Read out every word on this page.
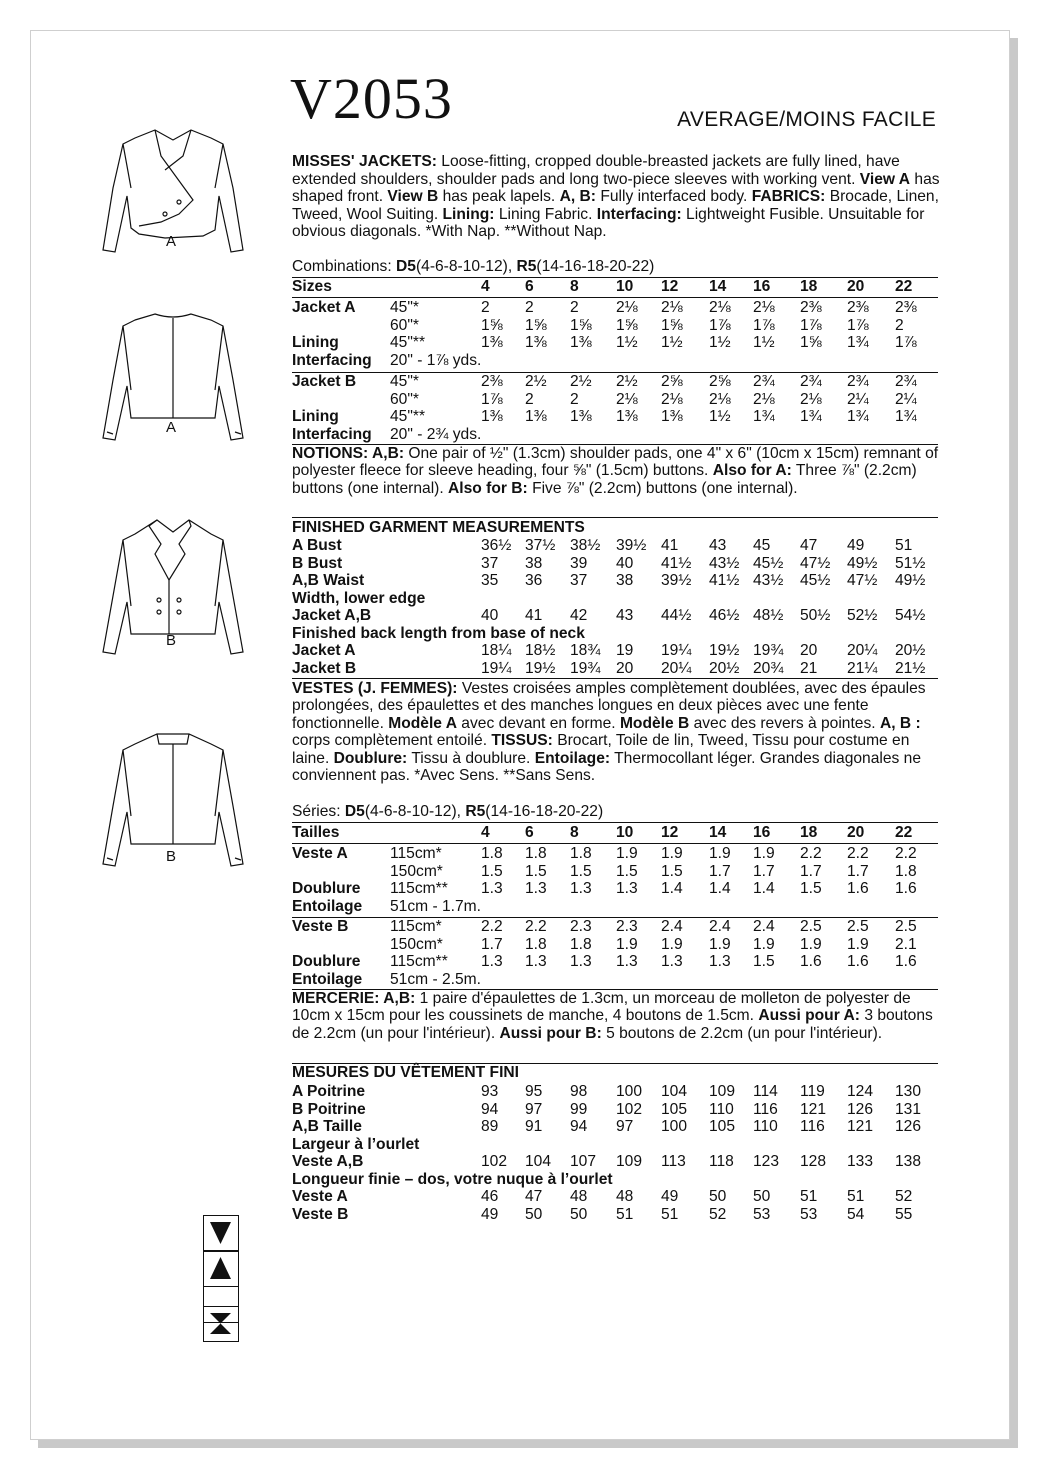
V2053	AVERAGE/MOINS FACILE
A
A
B
B
MISSES' JACKETS: Loose-fitting, cropped double-breasted jackets are fully lined, have extended shoulders, shoulder pads and long two-piece sleeves with working vent. View A has shaped front. View B has peak lapels. A, B: Fully interfaced body. FABRICS: Brocade, Linen, Tweed, Wool Suiting. Lining: Lining Fabric. Interfacing: Lightweight Fusible. Unsuitable for obvious diagonals. *With Nap. **Without Nap.
Combinations: D5(4-6-8-10-12), R5(14-16-18-20-22)
Sizes	4 6 8 10 12 14 16 18 20 22
Jacket A 45"*	2 2 2 2⅛ 2⅛ 2⅛ 2⅛ 2⅜ 2⅜ 2⅜
60"*	1⅝ 1⅝ 1⅝ 1⅝ 1⅝ 1⅞ 1⅞ 1⅞ 1⅞ 2
Lining	45"**	1⅜ 1⅜ 1⅜ 1½ 1½ 1½ 1½ 1⅝ 1¾ 1⅞
Interfacing 20" - 1⅞ yds.
Jacket B 45"*	2⅜ 2½ 2½ 2½ 2⅝ 2⅝ 2¾ 2¾ 2¾ 2¾
60"*	1⅞ 2 2 2⅛ 2⅛ 2⅛ 2⅛ 2⅛ 2¼ 2¼
Lining	45"**	1⅜ 1⅜ 1⅜ 1⅜ 1⅜ 1½ 1¾ 1¾ 1¾ 1¾
Interfacing 20" - 2¾ yds.
NOTIONS: A,B: One pair of ½" (1.3cm) shoulder pads, one 4" x 6" (10cm x 15cm) remnant of polyester fleece for sleeve heading, four ⅝" (1.5cm) buttons. Also for A: Three ⅞" (2.2cm) buttons (one internal). Also for B: Five ⅞" (2.2cm) buttons (one internal).
FINISHED GARMENT MEASUREMENTS
A Bust	36½ 37½ 38½ 39½ 41 43 45 47 49 51
B Bust	37 38 39 40 41½ 43½ 45½ 47½ 49½ 51½
A,B Waist	35 36 37 38 39½ 41½ 43½ 45½ 47½ 49½
Width, lower edge
Jacket A,B	40 41 42 43 44½ 46½ 48½ 50½ 52½ 54½
Finished back length from base of neck
Jacket A	18¼ 18½ 18¾ 19 19¼ 19½ 19¾ 20 20¼ 20½
Jacket B	19¼ 19½ 19¾ 20 20¼ 20½ 20¾ 21 21¼ 21½
VESTES (J. FEMMES): Vestes croisées amples complètement doublées, avec des épaules prolongées, des épaulettes et des manches longues en deux pièces avec une fente fonctionnelle. Modèle A avec devant en forme. Modèle B avec des revers à pointes. A, B : corps complètement entoilé. TISSUS: Brocart, Toile de lin, Tweed, Tissu pour costume en laine. Doublure: Tissu à doublure. Entoilage: Thermocollant léger. Grandes diagonales ne conviennent pas. *Avec Sens. **Sans Sens.
Séries: D5(4-6-8-10-12), R5(14-16-18-20-22)
Tailles	4 6 8 10 12 14 16 18 20 22
Veste A	115cm*	1.8 1.8 1.8 1.9 1.9 1.9 1.9 2.2 2.2 2.2
150cm* 1.5 1.5 1.5 1.5 1.5 1.7 1.7 1.7 1.7 1.8
Doublure 115cm** 1.3 1.3 1.3 1.3 1.4 1.4 1.4 1.5 1.6 1.6
Entoilage 51cm - 1.7m.
Veste B	115cm*	2.2 2.2 2.3 2.3 2.4 2.4 2.4 2.5 2.5 2.5
150cm* 1.7 1.8 1.8 1.9 1.9 1.9 1.9 1.9 1.9 2.1
Doublure 115cm** 1.3 1.3 1.3 1.3 1.3 1.3 1.5 1.6 1.6 1.6
Entoilage 51cm - 2.5m.
MERCERIE: A,B: 1 paire d'épaulettes de 1.3cm, un morceau de molleton de polyester de 10cm x 15cm pour les coussinets de manche, 4 boutons de 1.5cm. Aussi pour A: 3 boutons de 2.2cm (un pour l'intérieur). Aussi pour B: 5 boutons de 2.2cm (un pour l'intérieur).
MESURES DU VÊTEMENT FINI
A Poitrine	93 95 98 100 104 109 114 119 124 130
B Poitrine	94 97 99 102 105 110 116 121 126 131
A,B Taille	89 91 94 97 100 105 110 116 121 126
Largeur à l’ourlet
Veste A,B	102 104 107 109 113 118 123 128 133 138
Longueur finie – dos, votre nuque à l’ourlet
Veste A	46 47 48 48 49 50 50 51 51 52
Veste B	49 50 50 51 51 52 53 53 54 55
